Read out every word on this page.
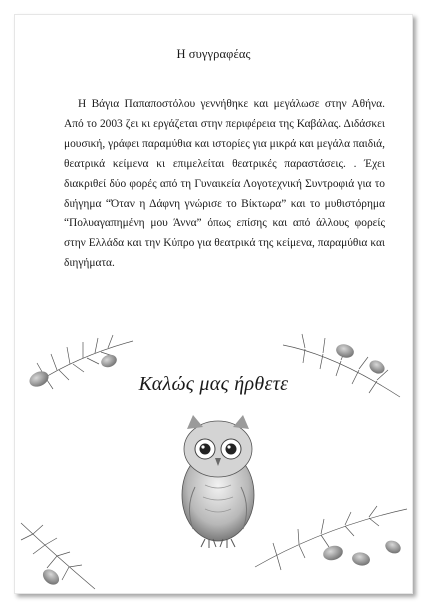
Η συγγραφέας

Η Βάγια Παπαποστόλου γεννήθηκε και μεγάλωσε στην Αθήνα. Από το 2003 ζει κι εργάζεται στην περιφέρεια της Καβάλας. Διδάσκει μουσική, γράφει παραμύθια και ιστορίες για μικρά και μεγάλα παιδιά, θεατρικά κείμενα κι επιμελείται θεατρικές παραστάσεις. . Έχει διακριθεί δύο φορές από τη Γυναικεία Λογοτεχνική Συντροφιά για το διήγημα “Όταν η Δάφνη γνώρισε το Βίκτωρα” και το μυθιστόρημα “Πολυαγαπημένη μου Άννα” όπως επίσης και από άλλους φορείς στην Ελλάδα και την Κύπρο για θεατρικά της κείμενα, παραμύθια και διηγήματα.

Καλώς μας ήρθετε
